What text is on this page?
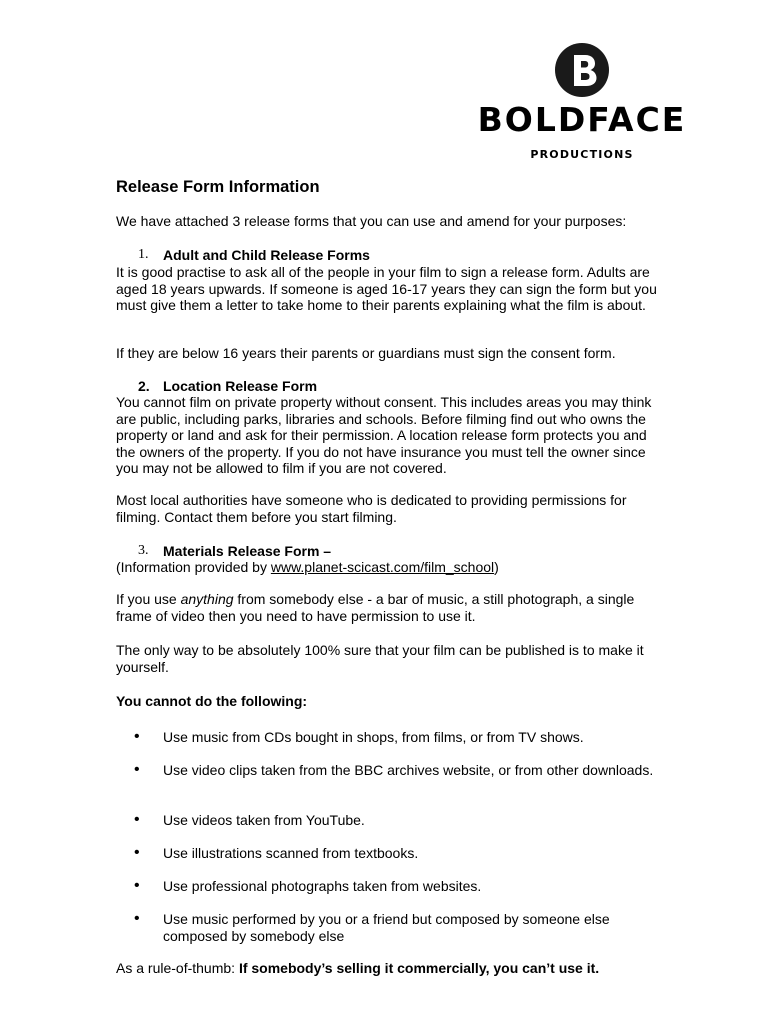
BOLDFACE
PRODUCTIONS
Release Form Information

We have attached 3 release forms that you can use and amend for your purposes:

1. Adult and Child Release Forms

It is good practise to ask all of the people in your film to sign a release form. Adults are aged 18 years upwards. If someone is aged 16-17 years they can sign the form but you must give them a letter to take home to their parents explaining what the film is about.

If they are below 16 years their parents or guardians must sign the consent form.

2. Location Release Form

You cannot film on private property without consent. This includes areas you may think are public, including parks, libraries and schools. Before filming find out who owns the property or land and ask for their permission. A location release form protects you and the owners of the property. If you do not have insurance you must tell the owner since you may not be allowed to film if you are not covered.

Most local authorities have someone who is dedicated to providing permissions for filming. Contact them before you start filming.

3. Materials Release Form –

(Information provided by www.planet-scicast.com/film_school)

If you use anything from somebody else - a bar of music, a still photograph, a single frame of video then you need to have permission to use it.

The only way to be absolutely 100% sure that your film can be published is to make it yourself.

You cannot do the following:

• Use music from CDs bought in shops, from films, or from TV shows.

• Use video clips taken from the BBC archives website, or from other downloads.

• Use videos taken from YouTube.

• Use illustrations scanned from textbooks.

• Use professional photographs taken from websites.

• Use music performed by you or a friend but composed by someone else composed by somebody else

As a rule-of-thumb: If somebody’s selling it commercially, you can’t use it.
